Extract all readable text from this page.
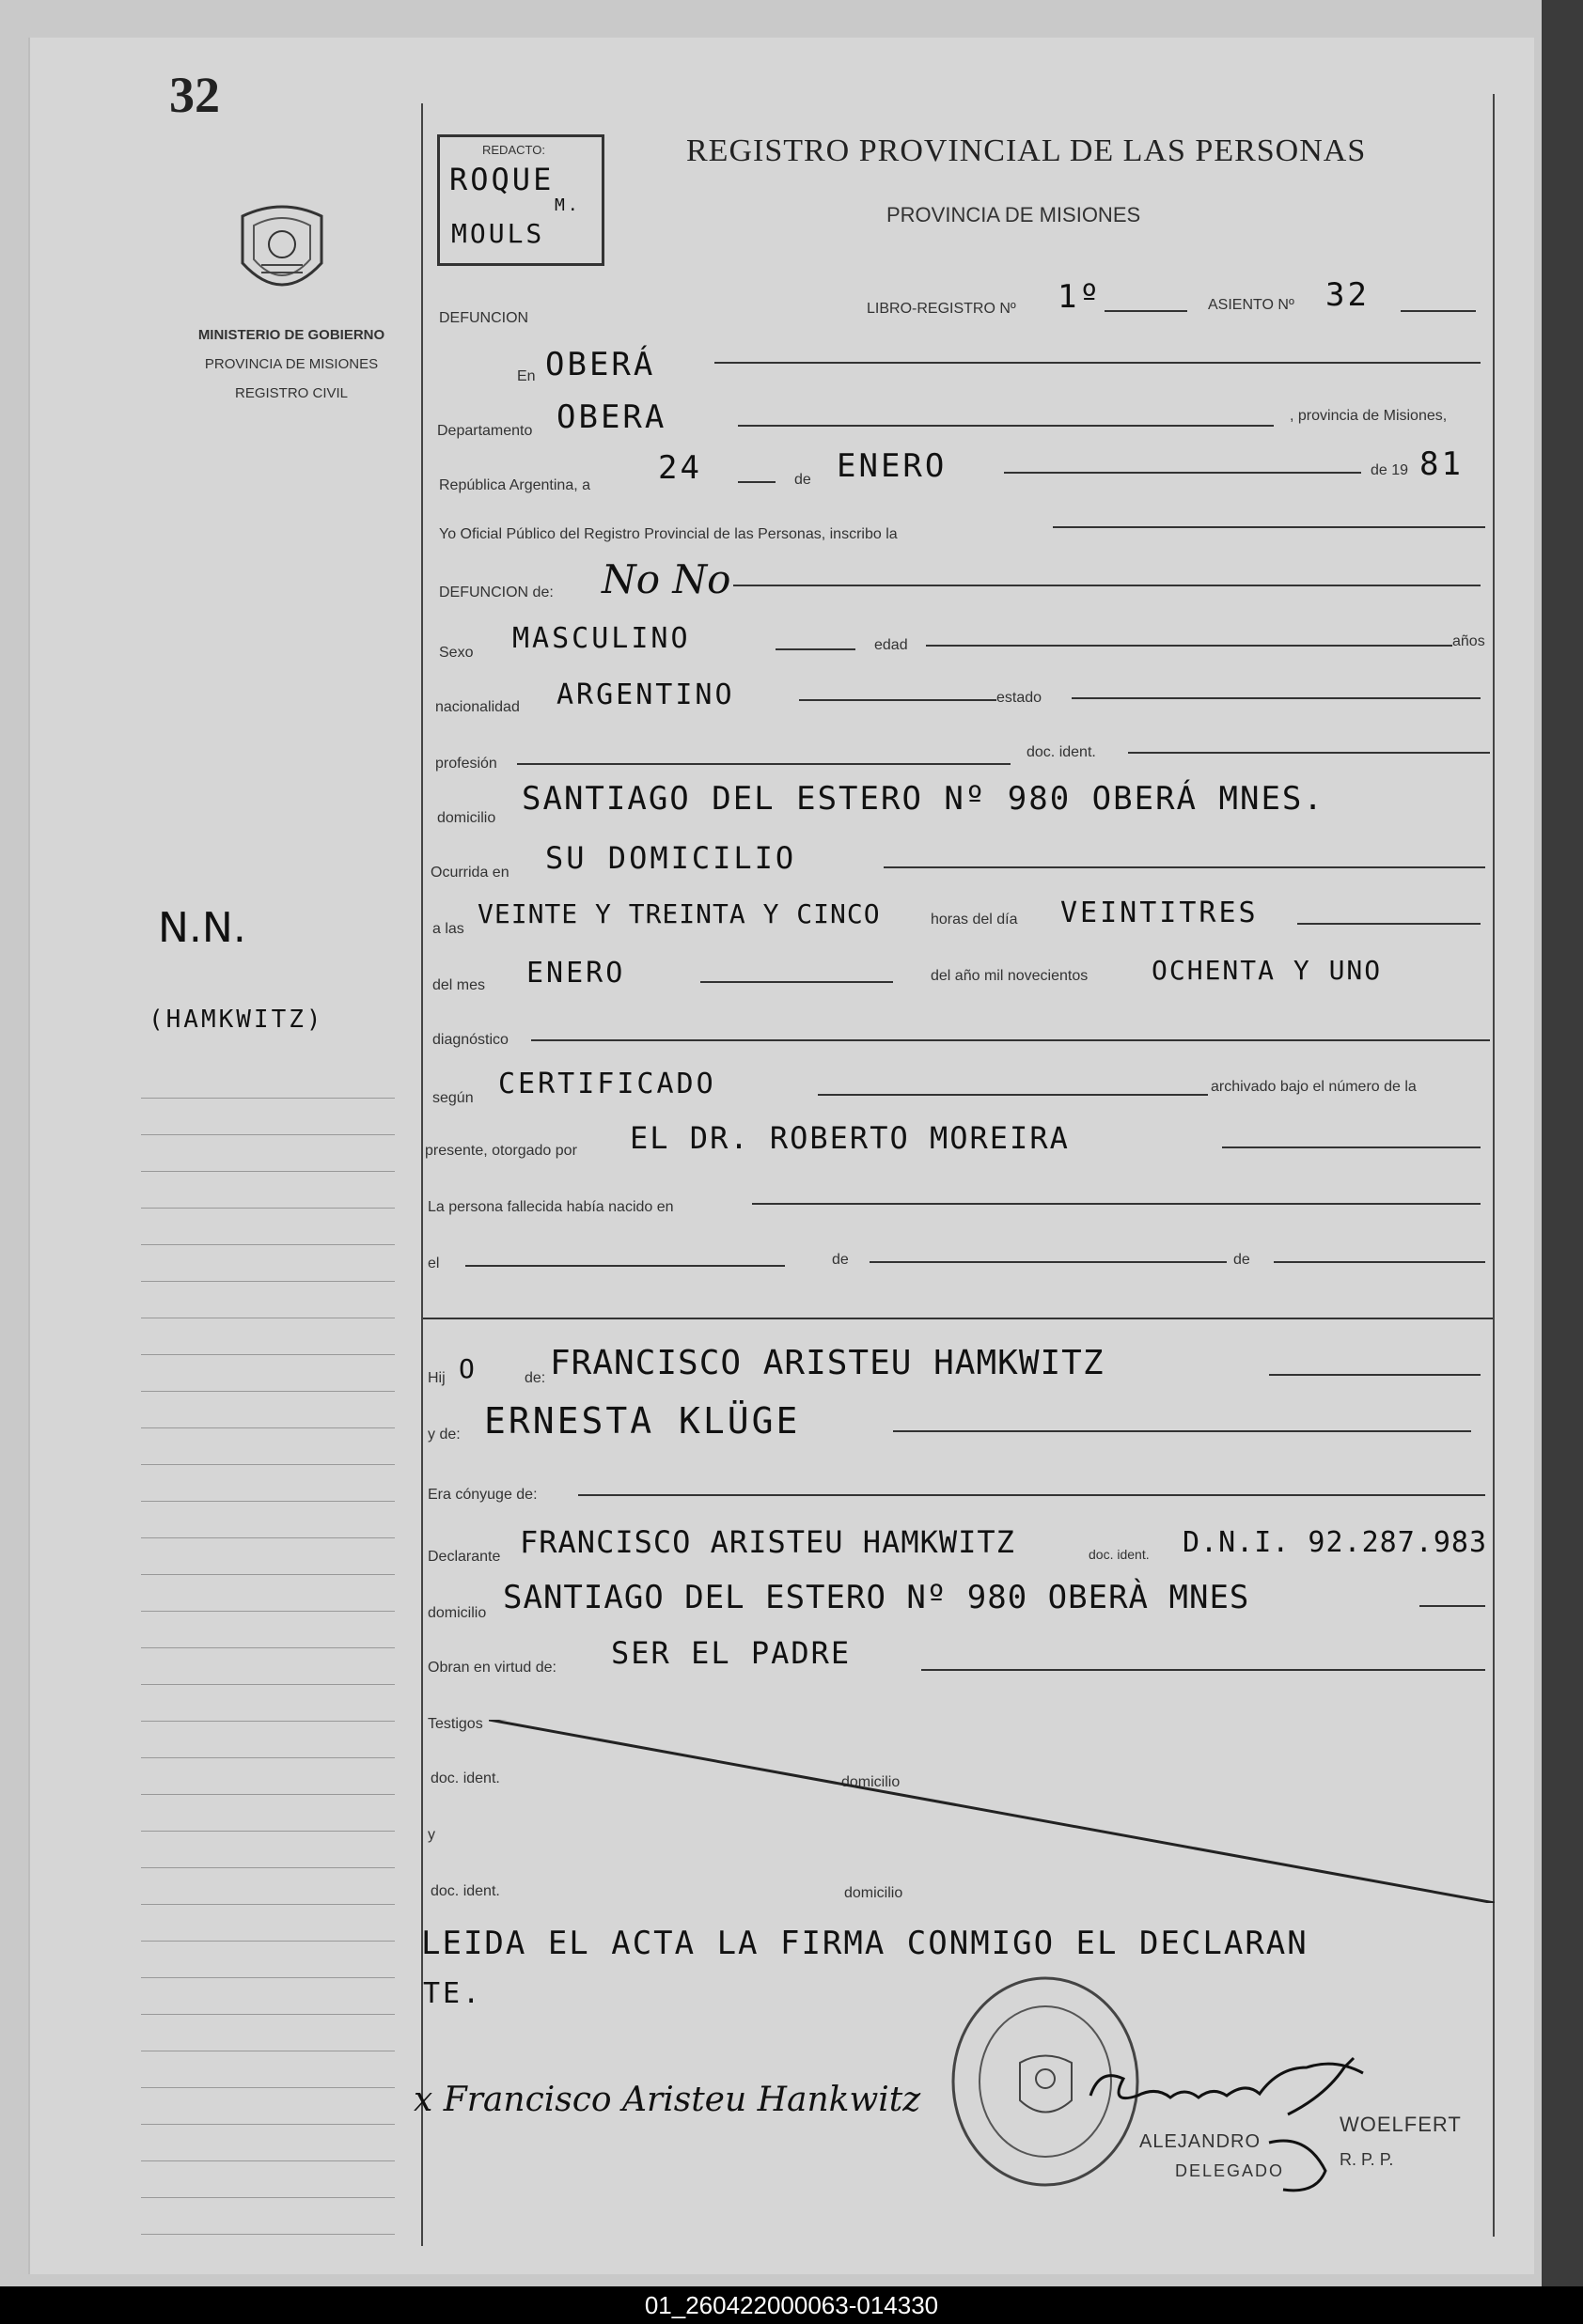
32
MINISTERIO DE GOBIERNO
PROVINCIA DE MISIONES
REGISTRO CIVIL
N.N.
(HAMKWITZ)
REDACTO:
ROQUE
M.
MOULS
REGISTRO PROVINCIAL DE LAS PERSONAS
PROVINCIA DE MISIONES
DEFUNCION
LIBRO-REGISTRO Nº 1º	ASIENTO Nº 32
En OBERÁ
Departamento OBERA	, provincia de Misiones,
República Argentina, a 24	de ENERO	de 19 81
Yo Oficial Público del Registro Provincial de las Personas, inscribo la
DEFUNCION de: No No
Sexo MASCULINO	edad	años
nacionalidad ARGENTINO	estado
profesión
doc. ident.
domicilio
SANTIAGO DEL ESTERO Nº 980 OBERÁ MNES.
Ocurrida en SU DOMICILIO
a las VEINTE Y TREINTA Y CINCO	horas del día VEINTITRES
del mes ENERO	del año mil novecientos OCHENTA Y UNO
diagnóstico
según CERTIFICADO	archivado bajo el número de la
presente, otorgado por EL DR. ROBERTO MOREIRA
La persona fallecida había nacido en
el	de	de
Hij O	de: FRANCISCO ARISTEU HAMKWITZ
y de: ERNESTA KLÜGE
Era cónyuge de:
Declarante FRANCISCO ARISTEU HAMKWITZ	doc. ident. D.N.I. 92.287.983
domicilio SANTIAGO DEL ESTERO Nº 980 OBERÀ MNES
Obran en virtud de: SER EL PADRE
Testigos
doc. ident.	domicilio
y
doc. ident.	domicilio
LEIDA EL ACTA LA FIRMA CONMIGO EL DECLARAN
TE.
x Francisco Aristeu Hankwitz
ALEJANDRO
WOELFERT
DELEGADO
R. P. P.
01_260422000063-014330
